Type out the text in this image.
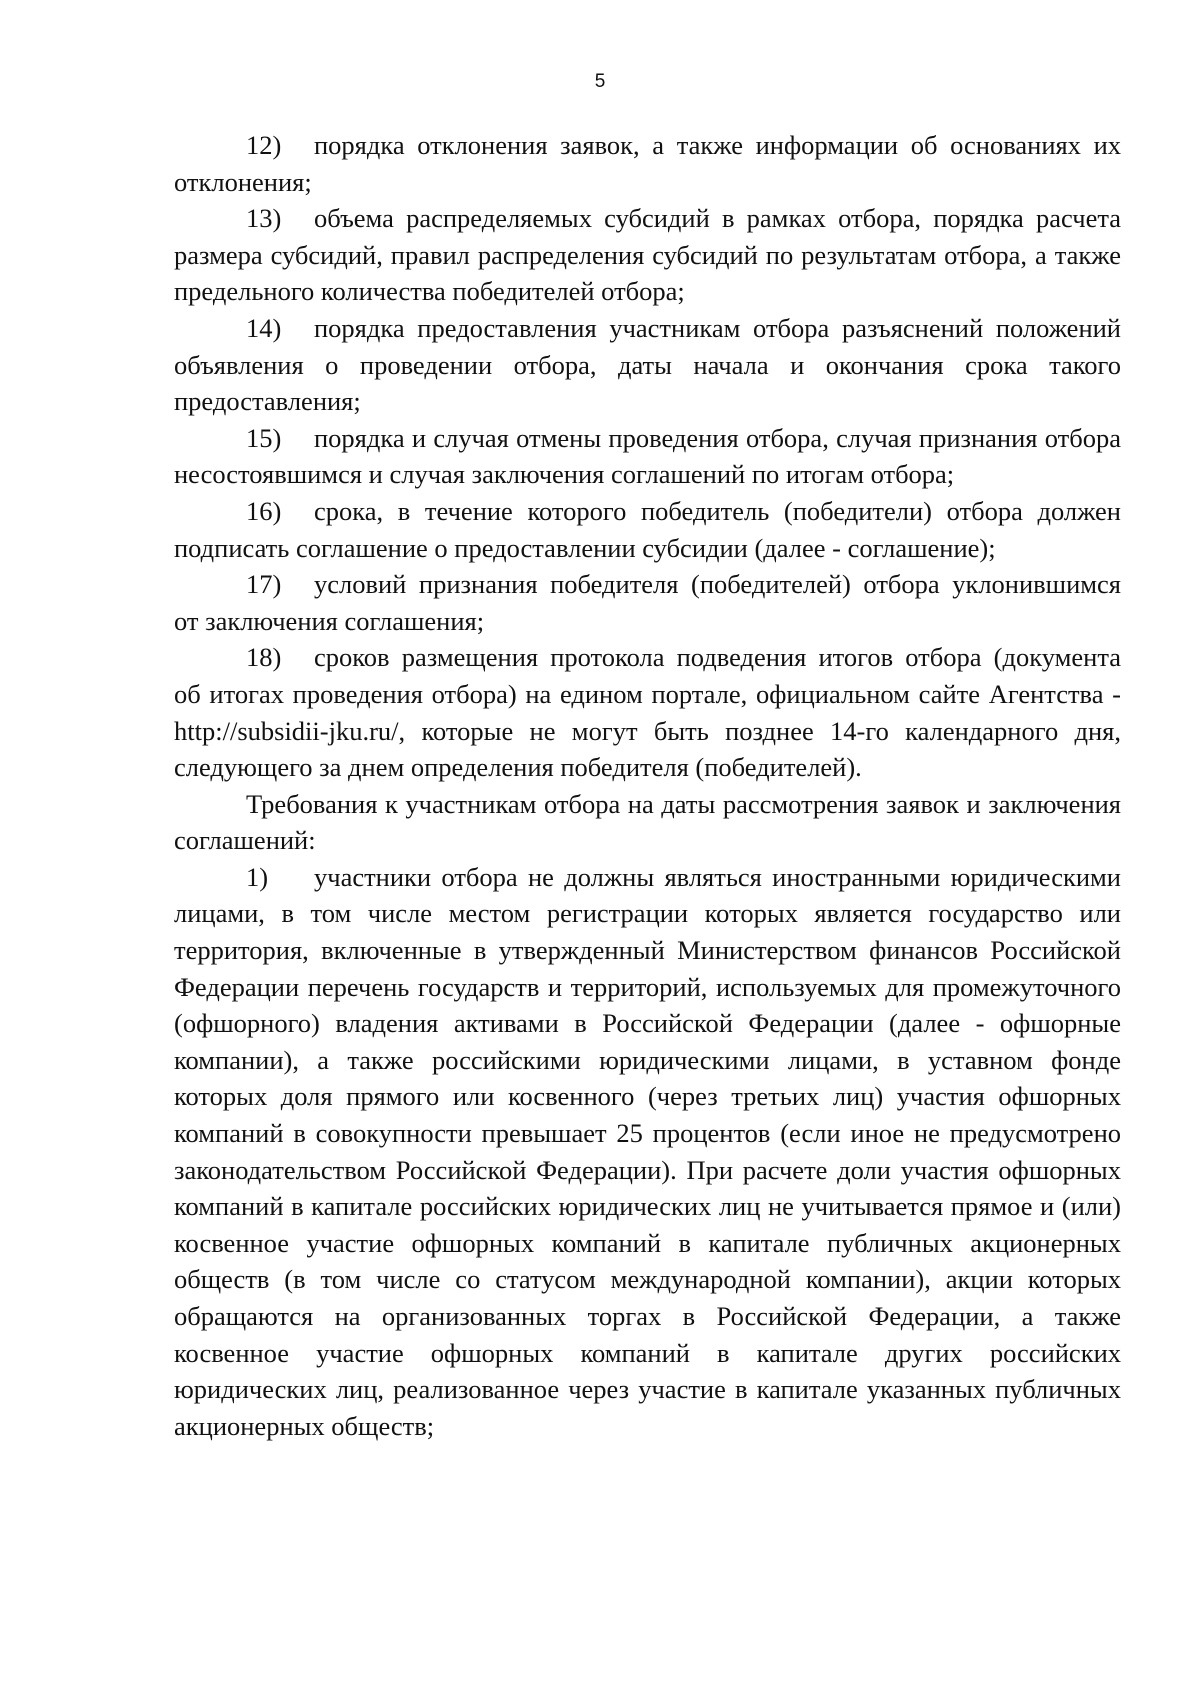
5

12) порядка отклонения заявок, а также информации об основаниях их отклонения;

13) объема распределяемых субсидий в рамках отбора, порядка расчета размера субсидий, правил распределения субсидий по результатам отбора, а также предельного количества победителей отбора;

14) порядка предоставления участникам отбора разъяснений положений объявления о проведении отбора, даты начала и окончания срока такого предоставления;

15) порядка и случая отмены проведения отбора, случая признания отбора несостоявшимся и случая заключения соглашений по итогам отбора;

16) срока, в течение которого победитель (победители) отбора должен подписать соглашение о предоставлении субсидии (далее - соглашение);

17) условий признания победителя (победителей) отбора уклонившимся от заключения соглашения;

18) сроков размещения протокола подведения итогов отбора (документа об итогах проведения отбора) на едином портале, официальном сайте Агентства - http://subsidii-jku.ru/, которые не могут быть позднее 14-го календарного дня, следующего за днем определения победителя (победителей).

Требования к участникам отбора на даты рассмотрения заявок и заключения соглашений:

1) участники отбора не должны являться иностранными юридическими лицами, в том числе местом регистрации которых является государство или территория, включенные в утвержденный Министерством финансов Российской Федерации перечень государств и территорий, используемых для промежуточного (офшорного) владения активами в Российской Федерации (далее - офшорные компании), а также российскими юридическими лицами, в уставном фонде которых доля прямого или косвенного (через третьих лиц) участия офшорных компаний в совокупности превышает 25 процентов (если иное не предусмотрено законодательством Российской Федерации). При расчете доли участия офшорных компаний в капитале российских юридических лиц не учитывается прямое и (или) косвенное участие офшорных компаний в капитале публичных акционерных обществ (в том числе со статусом международной компании), акции которых обращаются на организованных торгах в Российской Федерации, а также косвенное участие офшорных компаний в капитале других российских юридических лиц, реализованное через участие в капитале указанных публичных акционерных обществ;
